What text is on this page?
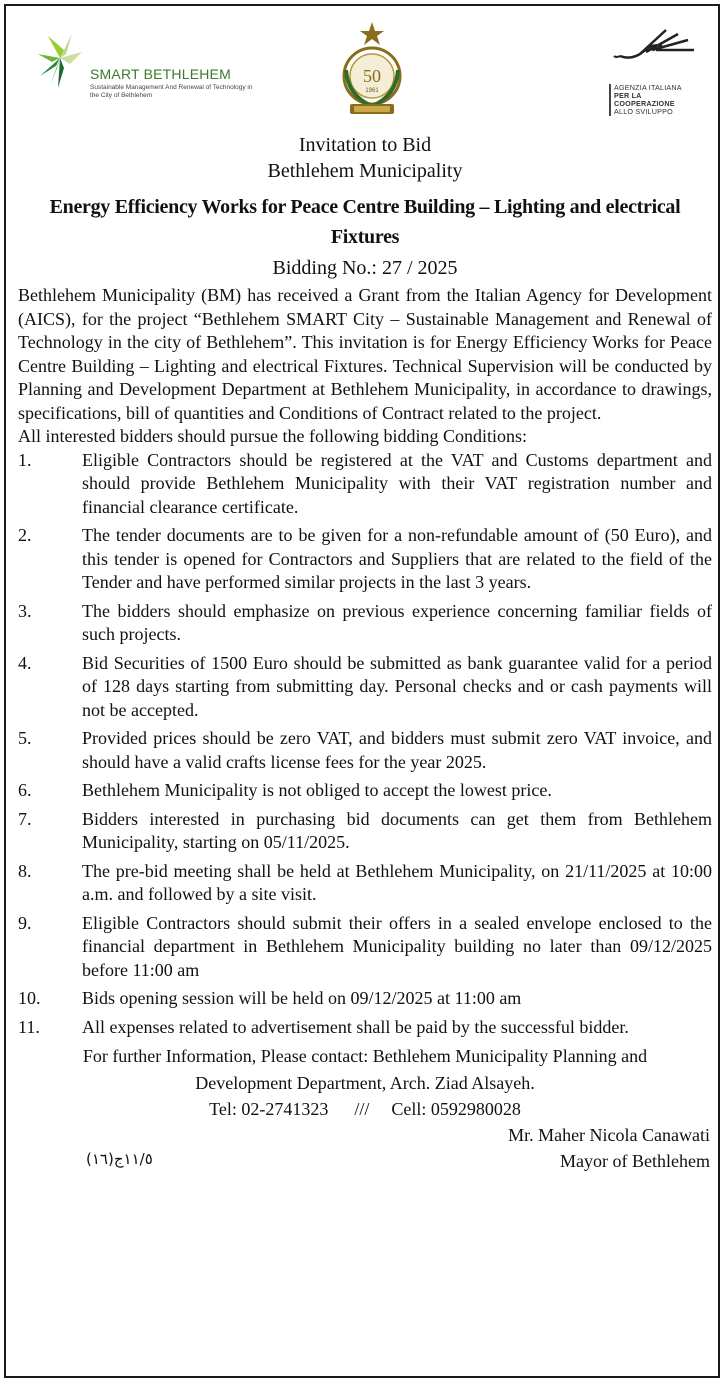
SMART BETHLEHEM
Sustainable Management And Renewal of Technology in the City of Bethlehem
50
1961	AGENZIA ITALIANA
PER LA COOPERAZIONE
ALLO SVILUPPO
Invitation to Bid
Bethlehem Municipality
Energy Efficiency Works for Peace Centre Building – Lighting and electrical Fixtures
Bidding No.: 27 / 2025
Bethlehem Municipality (BM) has received a Grant from the Italian Agency for Development (AICS), for the project “Bethlehem SMART City – Sustainable Management and Renewal of Technology in the city of Bethlehem”. This invitation is for Energy Efficiency Works for Peace Centre Building – Lighting and electrical Fixtures. Technical Supervision will be conducted by Planning and Development Department at Bethlehem Municipality, in accordance to drawings, specifications, bill of quantities and Conditions of Contract related to the project.
All interested bidders should pursue the following bidding Conditions:
1.	Eligible Contractors should be registered at the VAT and Customs department and should provide Bethlehem Municipality with their VAT registration number and financial clearance certificate.
2.	The tender documents are to be given for a non-refundable amount of (50 Euro), and this tender is opened for Contractors and Suppliers that are related to the field of the Tender and have performed similar projects in the last 3 years.
3.	The bidders should emphasize on previous experience concerning familiar fields of such projects.
4.	Bid Securities of 1500 Euro should be submitted as bank guarantee valid for a period of 128 days starting from submitting day. Personal checks and or cash payments will not be accepted.
5.	Provided prices should be zero VAT, and bidders must submit zero VAT invoice, and should have a valid crafts license fees for the year 2025.
6.	Bethlehem Municipality is not obliged to accept the lowest price.
7.	Bidders interested in purchasing bid documents can get them from Bethlehem Municipality, starting on 05/11/2025.
8.	The pre-bid meeting shall be held at Bethlehem Municipality, on 21/11/2025 at 10:00 a.m. and followed by a site visit.
9.	Eligible Contractors should submit their offers in a sealed envelope enclosed to the financial department in Bethlehem Municipality building no later than 09/12/2025 before 11:00 am
10.	Bids opening session will be held on 09/12/2025 at 11:00 am
11.	All expenses related to advertisement shall be paid by the successful bidder.
For further Information, Please contact: Bethlehem Municipality Planning and
Development Department, Arch. Ziad Alsayeh.
Tel: 02-2741323 /// Cell: 0592980028
Mr. Maher Nicola Canawati
Mayor of Bethlehem
(١٦)١١/٥ج
